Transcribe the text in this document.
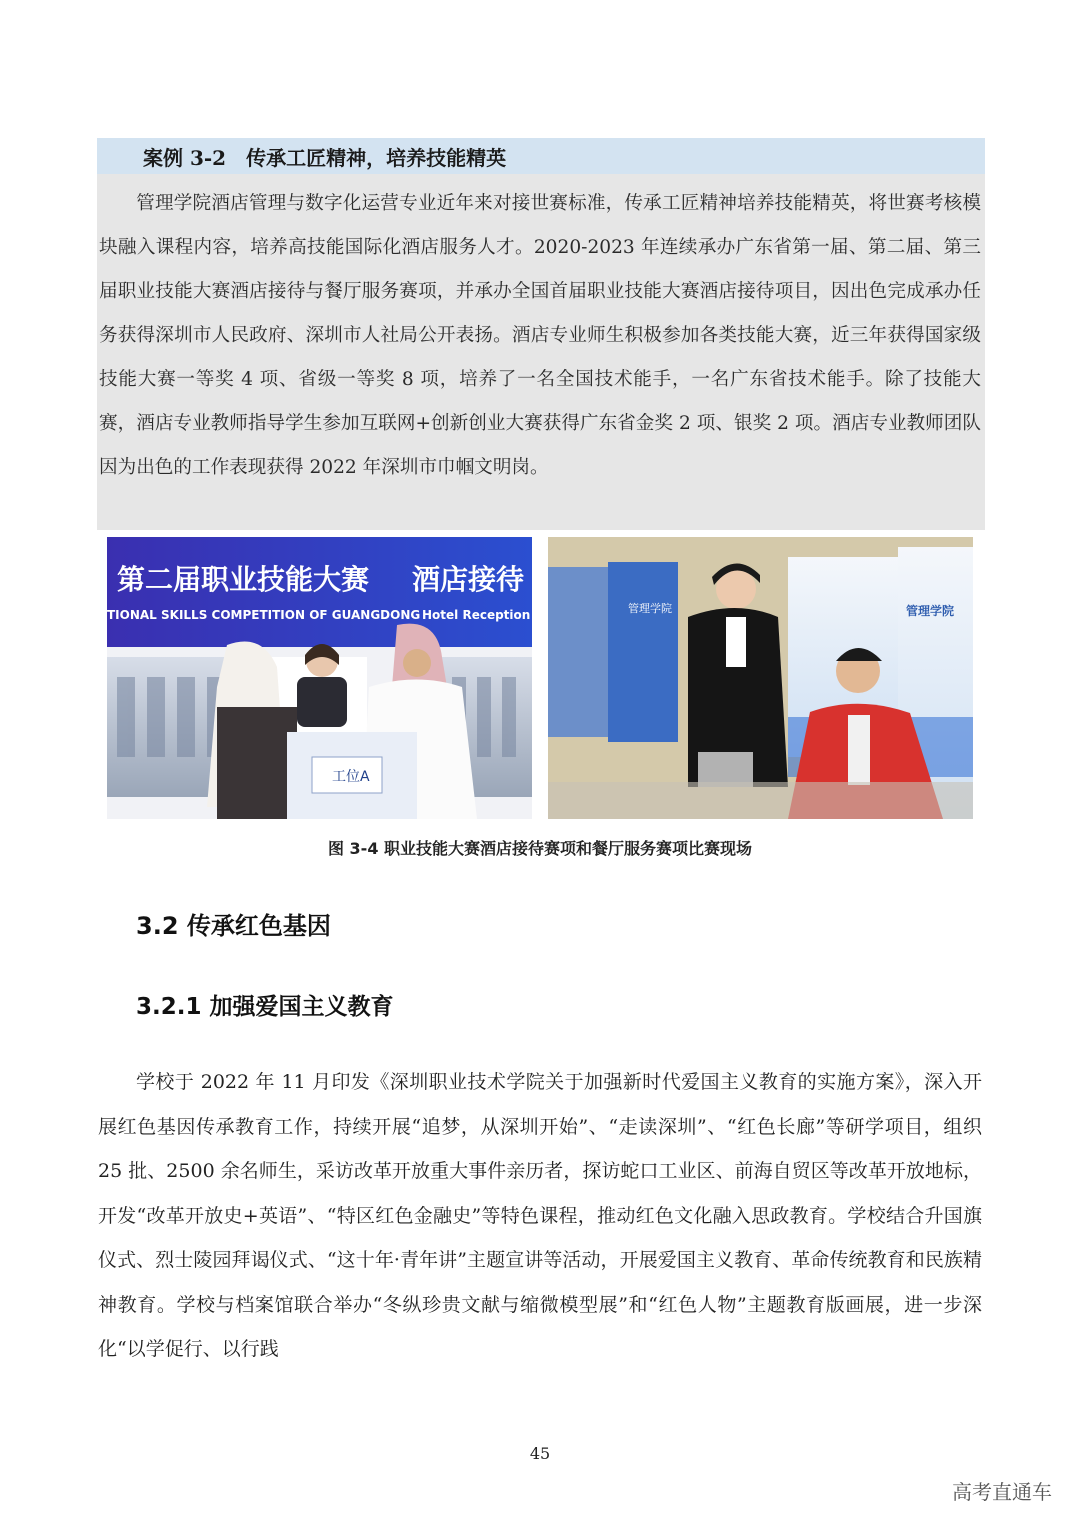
案例 3-2　传承工匠精神，培养技能精英

管理学院酒店管理与数字化运营专业近年来对接世赛标准，传承工匠精神培养技能精英，将世赛考核模块融入课程内容，培养高技能国际化酒店服务人才。2020-2023 年连续承办广东省第一届、第二届、第三届职业技能大赛酒店接待与餐厅服务赛项，并承办全国首届职业技能大赛酒店接待项目，因出色完成承办任务获得深圳市人民政府、深圳市人社局公开表扬。酒店专业师生积极参加各类技能大赛，近三年获得国家级技能大赛一等奖 4 项、省级一等奖 8 项，培养了一名全国技术能手，一名广东省技术能手。除了技能大赛，酒店专业教师指导学生参加互联网+创新创业大赛获得广东省金奖 2 项、银奖 2 项。酒店专业教师团队因为出色的工作表现获得 2022 年深圳市巾帼文明岗。

第二届职业技能大赛 酒店接待
TIONAL SKILLS COMPETITION OF GUANGDONG Hotel Reception
工位A
管理学院	管理学院
图 3-4 职业技能大赛酒店接待赛项和餐厅服务赛项比赛现场
3.2 传承红色基因
3.2.1 加强爱国主义教育

学校于 2022 年 11 月印发《深圳职业技术学院关于加强新时代爱国主义教育的实施方案》，深入开展红色基因传承教育工作，持续开展“追梦，从深圳开始”、“走读深圳”、“红色长廊”等研学项目，组织 25 批、2500 余名师生，采访改革开放重大事件亲历者，探访蛇口工业区、前海自贸区等改革开放地标，开发“改革开放史+英语”、“特区红色金融史”等特色课程，推动红色文化融入思政教育。学校结合升国旗仪式、烈士陵园拜谒仪式、“这十年·青年讲”主题宣讲等活动，开展爱国主义教育、革命传统教育和民族精神教育。学校与档案馆联合举办“冬纵珍贵文献与缩微模型展”和“红色人物”主题教育版画展，进一步深化“以学促行、以行践

45
高考直通车
